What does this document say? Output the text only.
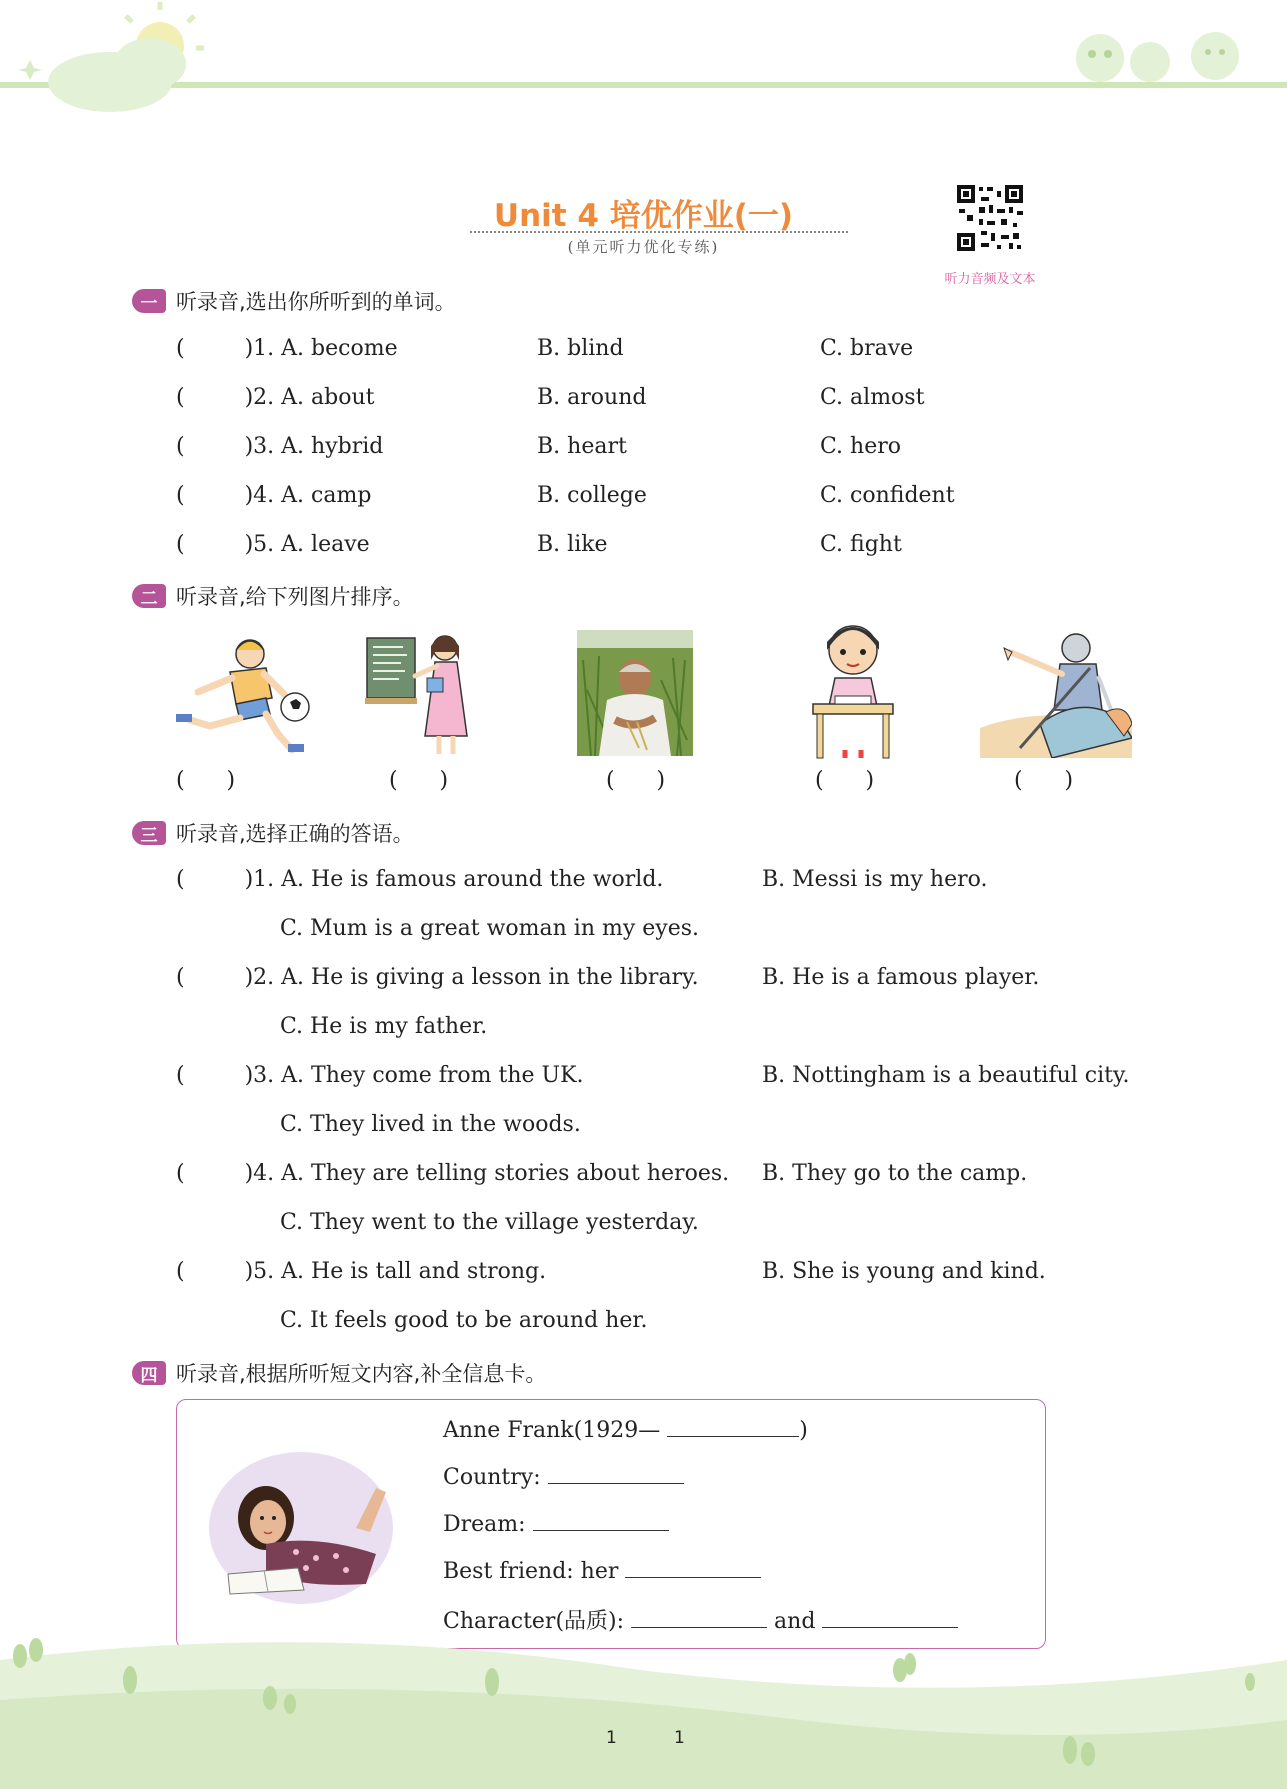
Unit 4 培优作业(一)
(单元听力优化专练)
听力音频及文本
一 听录音,选出你所听到的单词。
(	)1. A. become	B. blind	C. brave
(	)2. A. about	B. around	C. almost
(	)3. A. hybrid	B. heart	C. hero
(	)4. A. camp	B. college	C. confident
(	)5. A. leave	B. like	C. fight
二 听录音,给下列图片排序。
(      )	(      )	(      )	(      )	(      )
三 听录音,选择正确的答语。
(	)1. A. He is famous around the world.	B. Messi is my hero.
C. Mum is a great woman in my eyes.
(	)2. A. He is giving a lesson in the library.	B. He is a famous player.
C. He is my father.
(	)3. A. They come from the UK.	B. Nottingham is a beautiful city.
C. They lived in the woods.
(	)4. A. They are telling stories about heroes. B. They go to the camp.
C. They went to the village yesterday.
(	)5. A. He is tall and strong.	B. She is young and kind.
C. It feels good to be around her.
四 听录音,根据所听短文内容,补全信息卡。
Anne Frank(1929—	)
Country:
Dream:
Best friend: her
Character(品质):	and
1	1
